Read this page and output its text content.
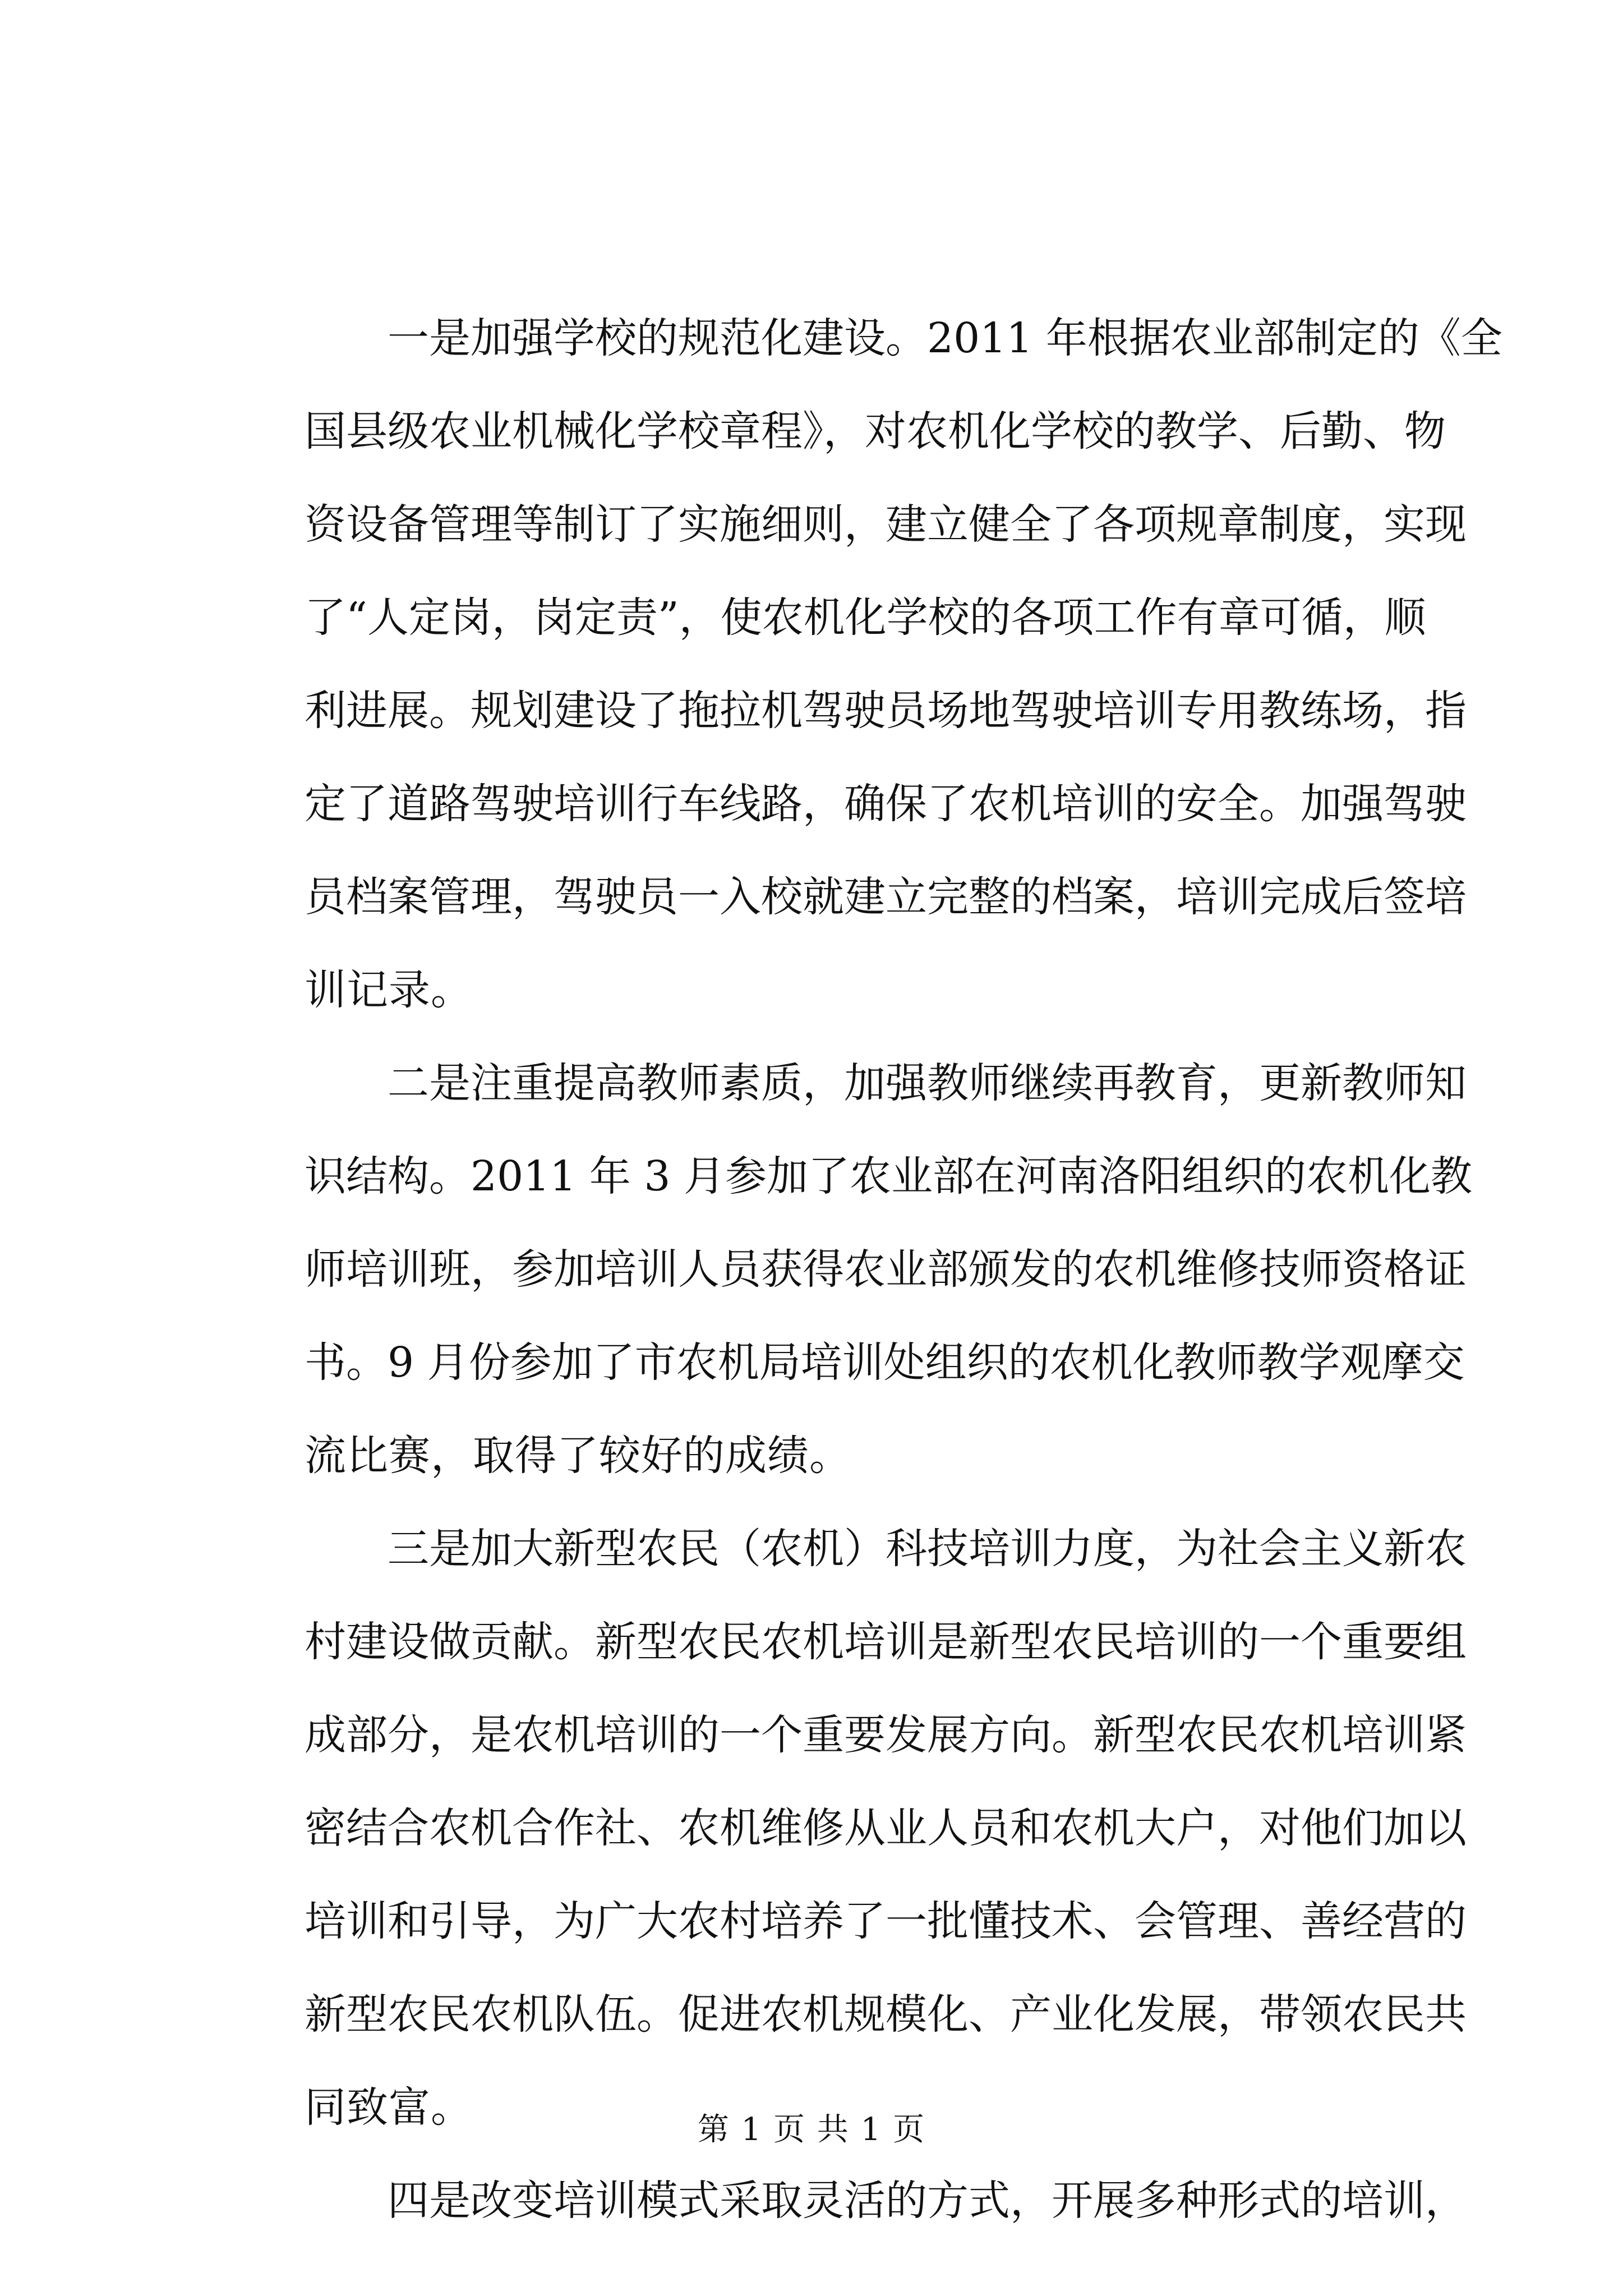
一是加强学校的规范化建设。2011 年根据农业部制定的《全
国县级农业机械化学校章程》，对农机化学校的教学、后勤、物
资设备管理等制订了实施细则，建立健全了各项规章制度，实现
了“人定岗，岗定责”，使农机化学校的各项工作有章可循，顺
利进展。规划建设了拖拉机驾驶员场地驾驶培训专用教练场，指
定了道路驾驶培训行车线路，确保了农机培训的安全。加强驾驶
员档案管理，驾驶员一入校就建立完整的档案，培训完成后签培
训记录。

二是注重提高教师素质，加强教师继续再教育，更新教师知
识结构。2011 年 3 月参加了农业部在河南洛阳组织的农机化教
师培训班，参加培训人员获得农业部颁发的农机维修技师资格证
书。9 月份参加了市农机局培训处组织的农机化教师教学观摩交
流比赛，取得了较好的成绩。

三是加大新型农民（农机）科技培训力度，为社会主义新农
村建设做贡献。新型农民农机培训是新型农民培训的一个重要组
成部分，是农机培训的一个重要发展方向。新型农民农机培训紧
密结合农机合作社、农机维修从业人员和农机大户，对他们加以
培训和引导，为广大农村培养了一批懂技术、会管理、善经营的
新型农民农机队伍。促进农机规模化、产业化发展，带领农民共
同致富。

四是改变培训模式采取灵活的方式，开展多种形式的培训，

第 1 页 共 1 页
